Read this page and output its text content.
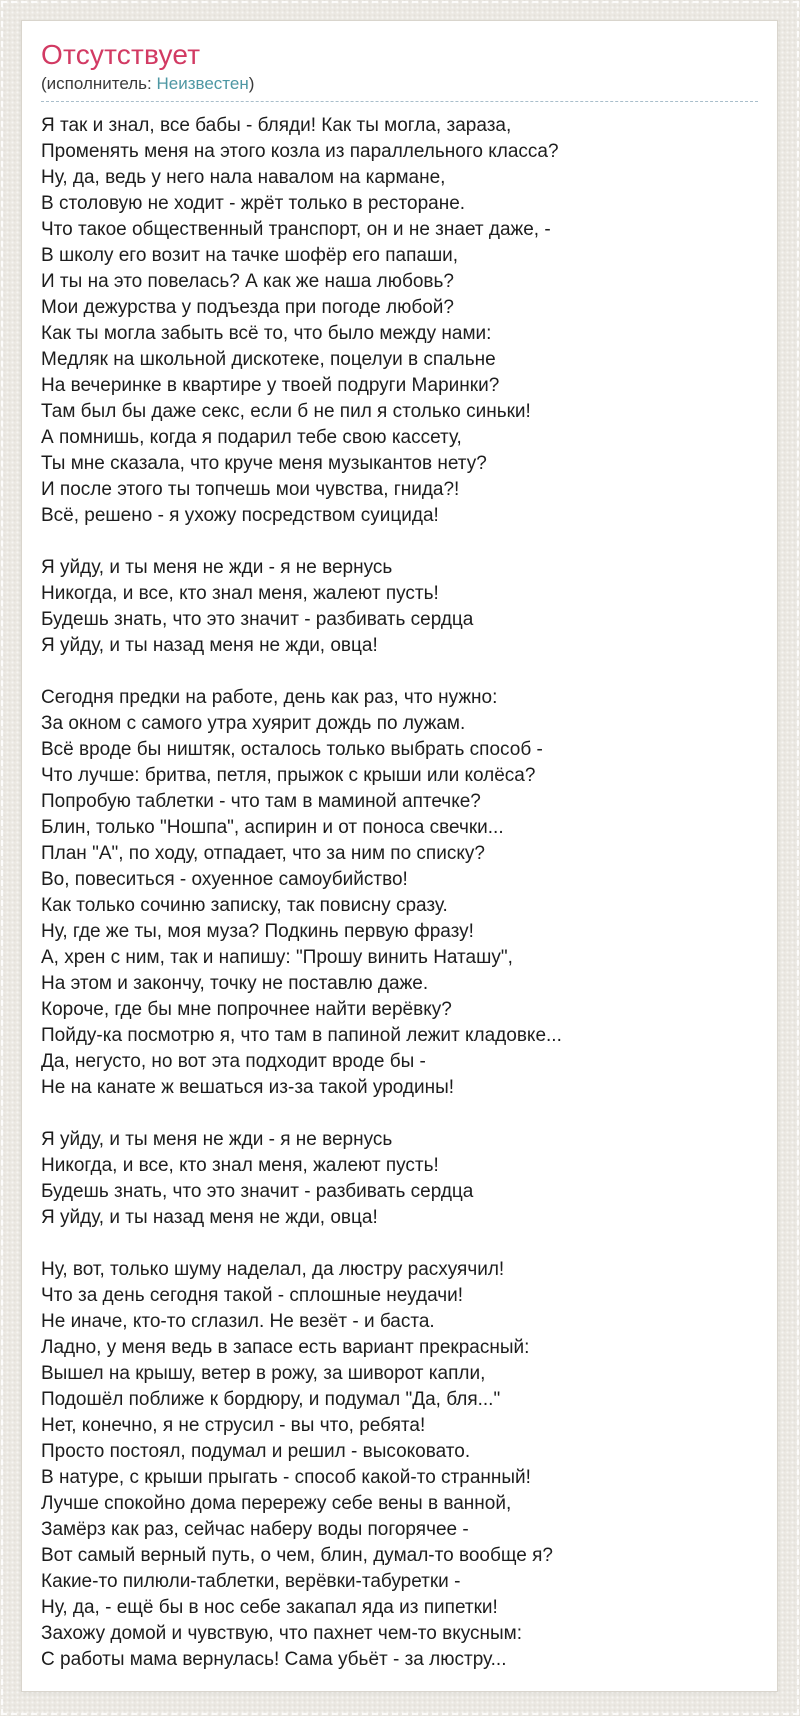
Отсутствует
(исполнитель: Неизвестен)
Я так и знал, все бабы - бляди! Как ты могла, зараза,
Променять меня на этого козла из параллельного класса?
Ну, да, ведь у него нала навалом на кармане,
В столовую не ходит - жрёт только в ресторане.
Что такое общественный транспорт, он и не знает даже, -
В школу его возит на тачке шофёр его папаши,
И ты на это повелась? А как же наша любовь?
Мои дежурства у подъезда при погоде любой?
Как ты могла забыть всё то, что было между нами:
Медляк на школьной дискотеке, поцелуи в спальне
На вечеринке в квартире у твоей подруги Маринки?
Там был бы даже секс, если б не пил я столько синьки!
А помнишь, когда я подарил тебе свою кассету,
Ты мне сказала, что круче меня музыкантов нету?
И после этого ты топчешь мои чувства, гнида?!
Всё, решено - я ухожу посредством суицида!
Я уйду, и ты меня не жди - я не вернусь
Никогда, и все, кто знал меня, жалеют пусть!
Будешь знать, что это значит - разбивать сердца
Я уйду, и ты назад меня не жди, овца!
Сегодня предки на работе, день как раз, что нужно:
За окном с самого утра хуярит дождь по лужам.
Всё вроде бы ништяк, осталось только выбрать способ -
Что лучше: бритва, петля, прыжок с крыши или колёса?
Попробую таблетки - что там в маминой аптечке?
Блин, только "Ношпа", аспирин и от поноса свечки...
План "А", по ходу, отпадает, что за ним по списку?
Во, повеситься - охуенное самоубийство!
Как только сочиню записку, так повисну сразу.
Ну, где же ты, моя муза? Подкинь первую фразу!
А, хрен с ним, так и напишу: "Прошу винить Наташу",
На этом и закончу, точку не поставлю даже.
Короче, где бы мне попрочнее найти верёвку?
Пойду-ка посмотрю я, что там в папиной лежит кладовке...
Да, негусто, но вот эта подходит вроде бы -
Не на канате ж вешаться из-за такой уродины!
Я уйду, и ты меня не жди - я не вернусь
Никогда, и все, кто знал меня, жалеют пусть!
Будешь знать, что это значит - разбивать сердца
Я уйду, и ты назад меня не жди, овца!
Ну, вот, только шуму наделал, да люстру расхуячил!
Что за день сегодня такой - сплошные неудачи!
Не иначе, кто-то сглазил. Не везёт - и баста.
Ладно, у меня ведь в запасе есть вариант прекрасный:
Вышел на крышу, ветер в рожу, за шиворот капли,
Подошёл поближе к бордюру, и подумал "Да, бля..."
Нет, конечно, я не струсил - вы что, ребята!
Просто постоял, подумал и решил - высоковато.
В натуре, с крыши прыгать - способ какой-то странный!
Лучше спокойно дома перережу себе вены в ванной,
Замёрз как раз, сейчас наберу воды погорячее -
Вот самый верный путь, о чем, блин, думал-то вообще я?
Какие-то пилюли-таблетки, верёвки-табуретки -
Ну, да, - ещё бы в нос себе закапал яда из пипетки!
Захожу домой и чувствую, что пахнет чем-то вкусным:
С работы мама вернулась! Сама убьёт - за люстру...
